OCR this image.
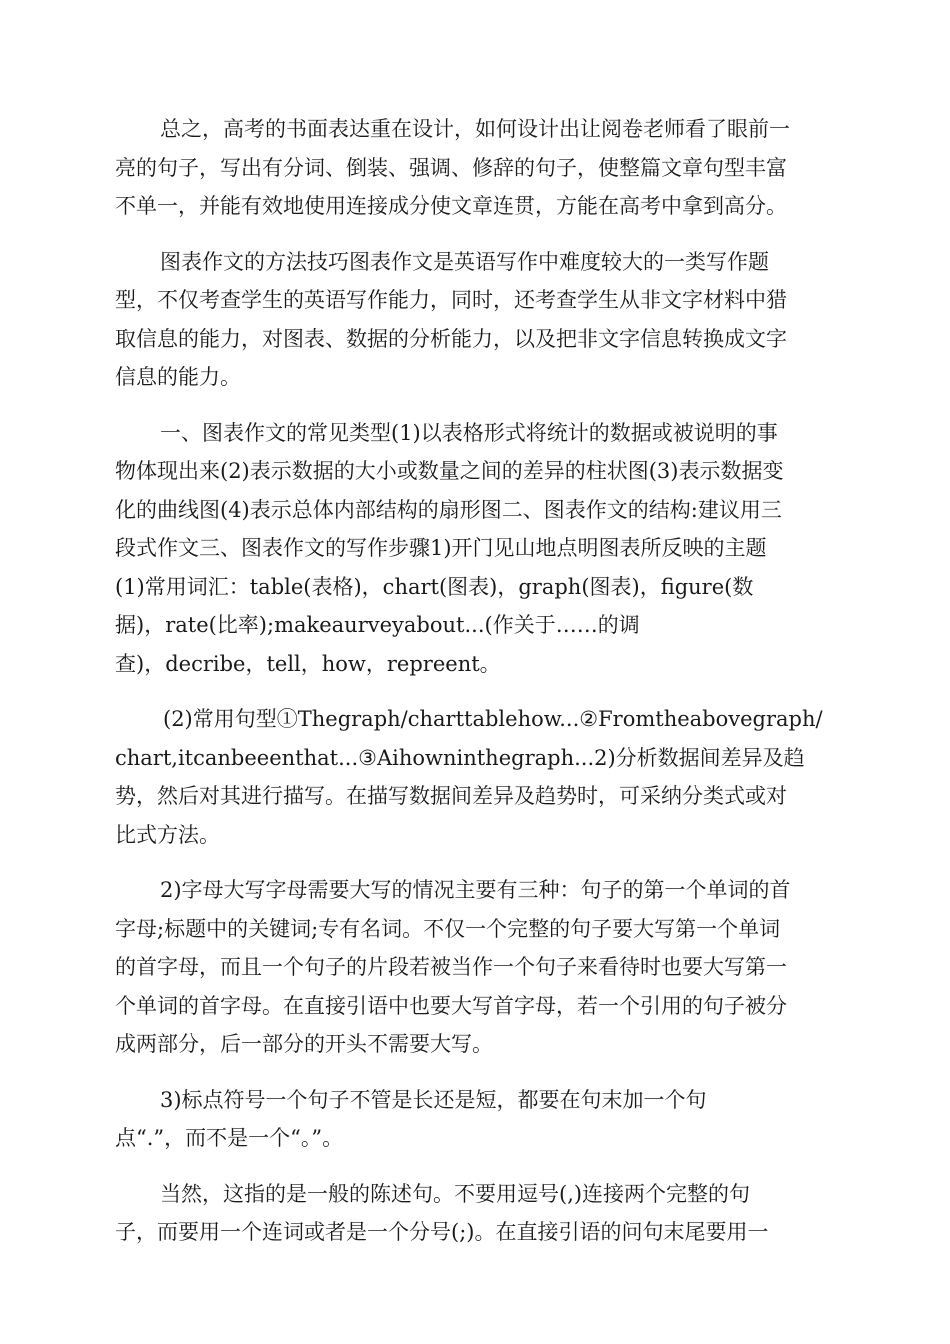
总之，高考的书面表达重在设计，如何设计出让阅卷老师看了眼前一
亮的句子，写出有分词、倒装、强调、修辞的句子，使整篇文章句型丰富
不单一，并能有效地使用连接成分使文章连贯，方能在高考中拿到高分。
图表作文的方法技巧图表作文是英语写作中难度较大的一类写作题
型，不仅考查学生的英语写作能力，同时，还考查学生从非文字材料中猎
取信息的能力，对图表、数据的分析能力，以及把非文字信息转换成文字
信息的能力。
一、图表作文的常见类型(1)以表格形式将统计的数据或被说明的事
物体现出来(2)表示数据的大小或数量之间的差异的柱状图(3)表示数据变
化的曲线图(4)表示总体内部结构的扇形图二、图表作文的结构:建议用三
段式作文三、图表作文的写作步骤1)开门见山地点明图表所反映的主题
(1)常用词汇：table(表格)，chart(图表)，graph(图表)，figure(数
据)，rate(比率);makeaurveyabout...(作关于……的调
查)，decribe，tell，how，repreent。
(2)常用句型①Thegraph/charttablehow...②Fromtheabovegraph/
chart,itcanbeeenthat...③Aihowninthegraph...2)分析数据间差异及趋
势，然后对其进行描写。在描写数据间差异及趋势时，可采纳分类式或对
比式方法。
2)字母大写字母需要大写的情况主要有三种：句子的第一个单词的首
字母;标题中的关键词;专有名词。不仅一个完整的句子要大写第一个单词
的首字母，而且一个句子的片段若被当作一个句子来看待时也要大写第一
个单词的首字母。在直接引语中也要大写首字母，若一个引用的句子被分
成两部分，后一部分的开头不需要大写。
3)标点符号一个句子不管是长还是短，都要在句末加一个句
点“.”，而不是一个“。”。
当然，这指的是一般的陈述句。不要用逗号(,)连接两个完整的句
子，而要用一个连词或者是一个分号(;)。在直接引语的问句末尾要用一
